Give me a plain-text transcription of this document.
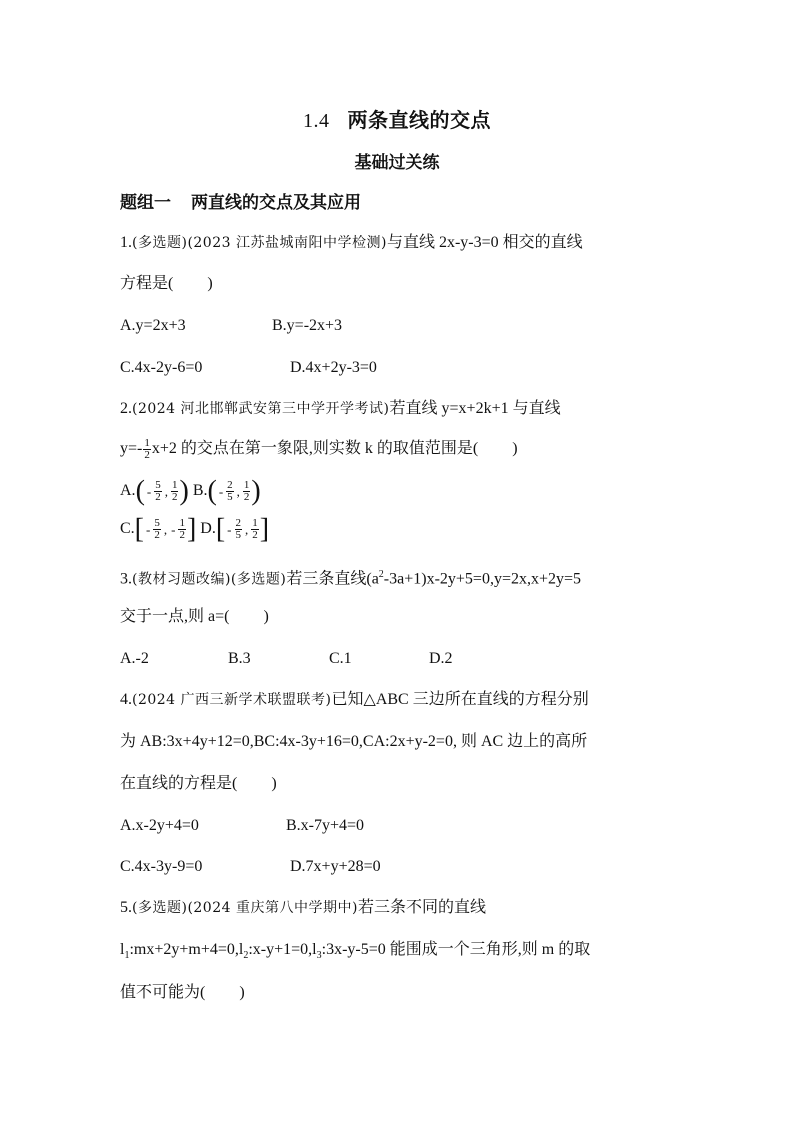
1.4 两条直线的交点
基础过关练
题组一 两直线的交点及其应用
1.(多选题)(2023 江苏盐城南阳中学检测)与直线 2x-y-3=0 相交的直线
方程是( )
A.y=2x+3	B.y=-2x+3
C.4x-2y-6=0	D.4x+2y-3=0
2.(2024 河北邯郸武安第三中学开学考试)若直线 y=x+2k+1 与直线
$y=- \frac{1}{2} x+2$ 的交点在第一象限,则实数 k 的取值范围是( )
$A.( - \frac{5}{2}$ , $\frac{1}{2}$ ) $B.( - \frac{2}{5}$ , $\frac{1}{2}$ )
$C.[ - \frac{5}{2}$ , - $\frac{1}{2}$ ] $D.[ - \frac{2}{5}$ , $\frac{1}{2}$ ]
3.(教材习题改编)(多选题)若三条直线$(a^2-3a+1)x-2y+5=0,y=2x,x+2y=5$
交于一点,则 a=( )
A.-2	B.3	C.1	D.2
4.(2024 广西三新学术联盟联考)已知△ABC 三边所在直线的方程分别
为 AB:3x+4y+12=0,BC:4x-3y+16=0,CA:2x+y-2=0, 则 AC 边上的高所
在直线的方程是( )
A.x-2y+4=0	B.x-7y+4=0
C.4x-3y-9=0	D.7x+y+28=0
5.(多选题)(2024 重庆第八中学期中)若三条不同的直线
$l_1:mx+2y+m+4=0,l_2:x-y+1=0,l_3:3x-y-5=0$ 能围成一个三角形,则 m 的取
值不可能为( )
